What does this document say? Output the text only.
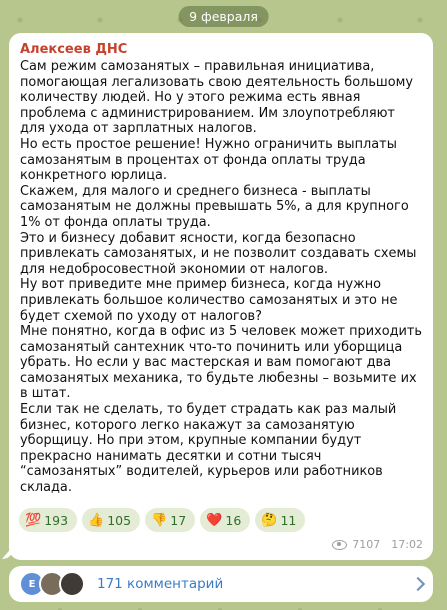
9 февраля
Алексеев ДНС

Сам режим самозанятых – правильная инициатива, помогающая легализовать свою деятельность большому количеству людей. Но у этого режима есть явная проблема с администрированием. Им злоупотребляют для ухода от зарплатных налогов.

Но есть простое решение! Нужно ограничить выплаты самозанятым в процентах от фонда оплаты труда конкретного юрлица.

Скажем, для малого и среднего бизнеса - выплаты самозанятым не должны превышать 5%, а для крупного 1% от фонда оплаты труда.

Это и бизнесу добавит ясности, когда безопасно привлекать самозанятых, и не позволит создавать схемы для недобросовестной экономии от налогов.

Ну вот приведите мне пример бизнеса, когда нужно привлекать большое количество самозанятых и это не будет схемой по уходу от налогов?

Мне понятно, когда в офис из 5 человек может приходить самозанятый сантехник что-то починить или уборщица убрать. Но если у вас мастерская и вам помогают два самозанятых механика, то будьте любезны – возьмите их в штат.

Если так не сделать, то будет страдать как раз малый бизнес, которого легко накажут за самозанятую уборщицу. Но при этом, крупные компании будут прекрасно нанимать десятки и сотни тысяч “самозанятых” водителей, курьеров или работников склада.

💯 193 👍 105 👎 17 ❤️ 16 🤔 11
7107 17:02
Е	171 комментарий
